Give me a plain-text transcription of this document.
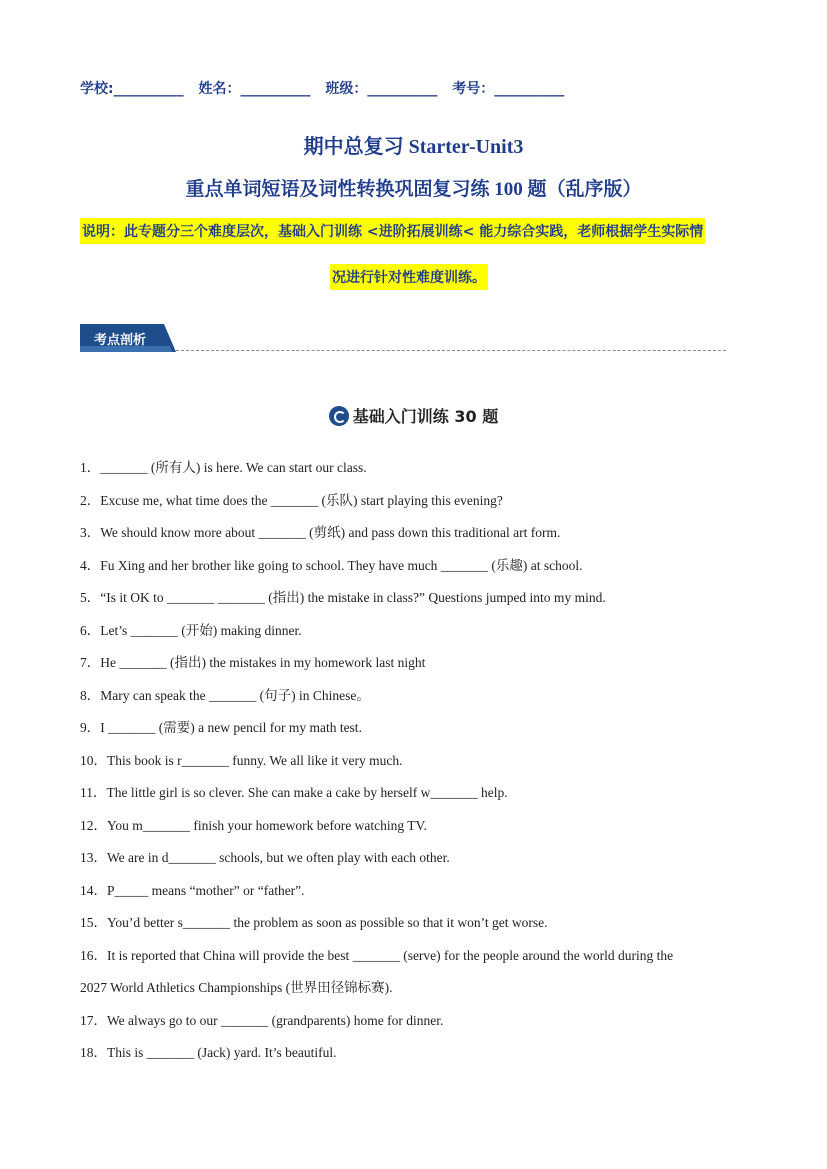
学校:__________ 姓名：__________ 班级：__________ 考号：__________
期中总复习 Starter-Unit3
重点单词短语及词性转换巩固复习练 100 题（乱序版）
说明：此专题分三个难度层次，基础入门训练 <进阶拓展训练< 能力综合实践，老师根据学生实际情
况进行针对性难度训练。
考点剖析
基础入门训练 30 题
1．_______ (所有人) is here. We can start our class.
2．Excuse me, what time does the _______ (乐队) start playing this evening?
3．We should know more about _______ (剪纸) and pass down this traditional art form.
4．Fu Xing and her brother like going to school. They have much _______ (乐趣) at school.
5．“Is it OK to _______ _______ (指出) the mistake in class?” Questions jumped into my mind.
6．Let’s _______ (开始) making dinner.
7．He _______ (指出) the mistakes in my homework last night
8．Mary can speak the _______ (句子) in Chinese。
9．I _______ (需要) a new pencil for my math test.
10．This book is r_______ funny. We all like it very much.
11．The little girl is so clever. She can make a cake by herself w_______ help.
12．You m_______ finish your homework before watching TV.
13．We are in d_______ schools, but we often play with each other.
14．P_____ means “mother” or “father”.
15．You’d better s_______ the problem as soon as possible so that it won’t get worse.
16．It is reported that China will provide the best _______ (serve) for the people around the world during the
2027 World Athletics Championships (世界田径锦标赛).
17．We always go to our _______ (grandparents) home for dinner.
18．This is _______ (Jack) yard. It’s beautiful.
